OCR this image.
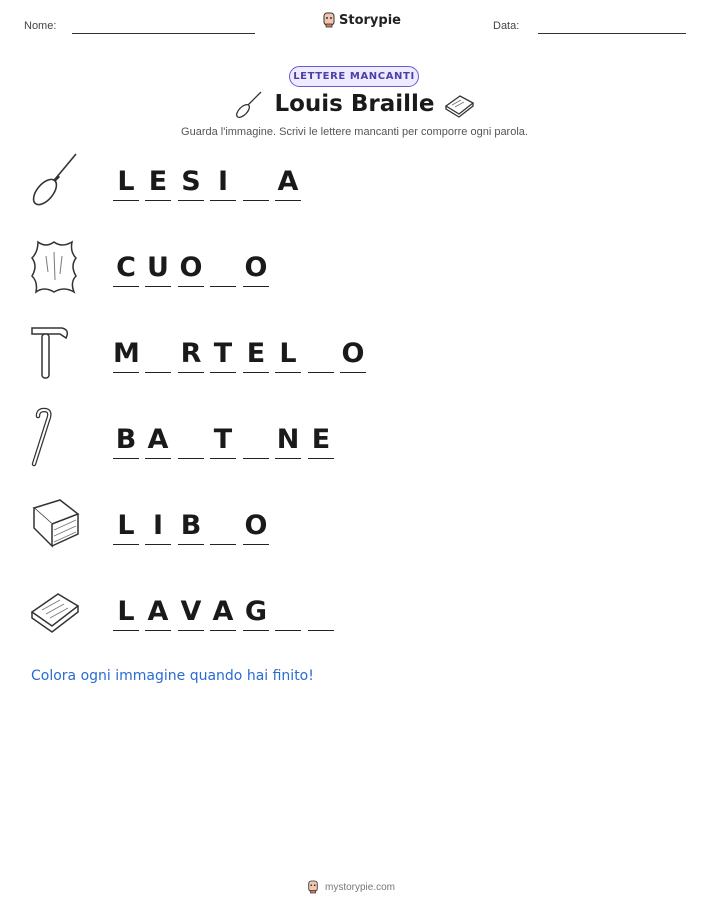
Nome:	Storypie	Data:
LETTERE MANCANTI
Louis Braille
Guarda l'immagine. Scrivi le lettere mancanti per comporre ogni parola.
L E S I A
C U O O
M R T E L O
B A T N E
L I B O
L A V A G
Colora ogni immagine quando hai finito!
mystorypie.com
